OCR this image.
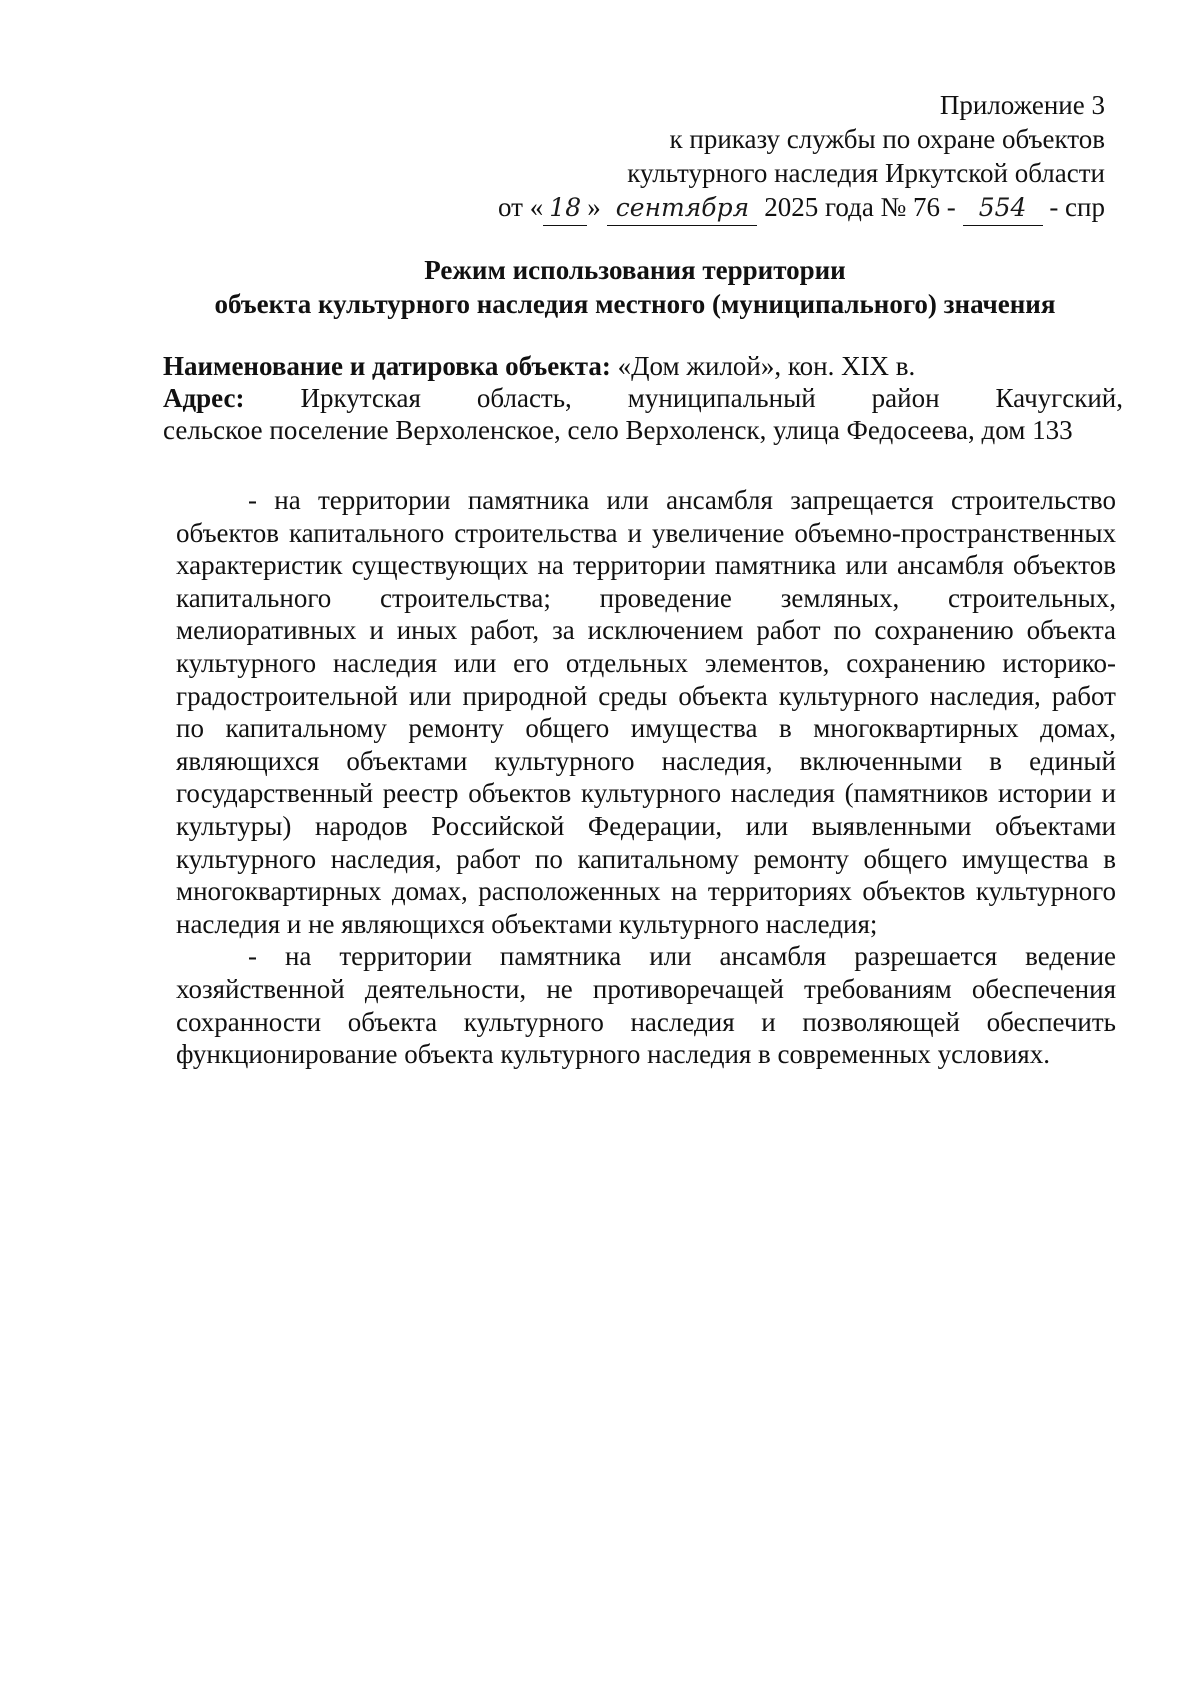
Приложение 3
к приказу службы по охране объектов
культурного наследия Иркутской области
от « 18 » сентября 2025 года № 76 - 554 - спр
Режим использования территории
объекта культурного наследия местного (муниципального) значения
Наименование и датировка объекта: «Дом жилой», кон. XIX в.
Адрес: Иркутская область, муниципальный район Качугский,
сельское поселение Верхоленское, село Верхоленск, улица Федосеева, дом 133

- на территории памятника или ансамбля запрещается строительство объектов капитального строительства и увеличение объемно-пространственных характеристик существующих на территории памятника или ансамбля объектов капитального строительства; проведение земляных, строительных, мелиоративных и иных работ, за исключением работ по сохранению объекта культурного наследия или его отдельных элементов, сохранению историко-градостроительной или природной среды объекта культурного наследия, работ по капитальному ремонту общего имущества в многоквартирных домах, являющихся объектами культурного наследия, включенными в единый государственный реестр объектов культурного наследия (памятников истории и культуры) народов Российской Федерации, или выявленными объектами культурного наследия, работ по капитальному ремонту общего имущества в многоквартирных домах, расположенных на территориях объектов культурного наследия и не являющихся объектами культурного наследия;

- на территории памятника или ансамбля разрешается ведение хозяйственной деятельности, не противоречащей требованиям обеспечения сохранности объекта культурного наследия и позволяющей обеспечить функционирование объекта культурного наследия в современных условиях.
